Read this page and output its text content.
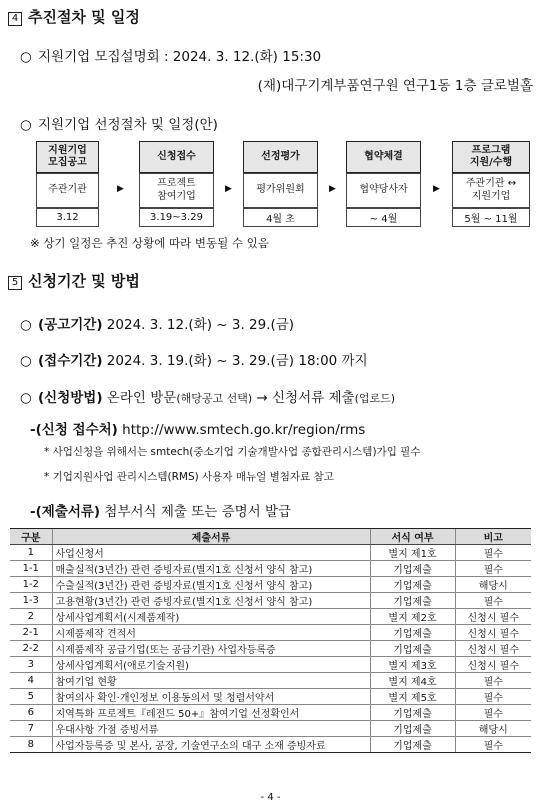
4 추진절차 및 일정
○ 지원기업 모집설명회 : 2024. 3. 12.(화) 15:30
(재)대구기계부품연구원 연구1동 1층 글로벌홀
○ 지원기업 선정절차 및 일정(안)
지원기업
모집공고
주관기관
3.12
▶
신청접수
프로젝트
참여기업
3.19~3.29
▶
선정평가
평가위원회
4월 초
▶
협약체결
협약당사자
~ 4월
▶
프로그램
지원/수행
주관기관 ↔
지원기업
5월 ~ 11월
※ 상기 일정은 추진 상황에 따라 변동될 수 있음
5 신청기간 및 방법
○ (공고기간) 2024. 3. 12.(화) ~ 3. 29.(금)
○ (접수기간) 2024. 3. 19.(화) ~ 3. 29.(금) 18:00 까지
○ (신청방법) 온라인 방문(해당공고 선택) → 신청서류 제출(업로드)
-(신청 접수처) http://www.smtech.go.kr/region/rms
* 사업신청을 위해서는 smtech(중소기업 기술개발사업 종합관리시스템)가입 필수
* 기업지원사업 관리시스템(RMS) 사용자 매뉴얼 별첨자료 참고
-(제출서류) 첨부서식 제출 또는 증명서 발급
구분	제출서류	서식 여부	비고
1	사업신청서	별지 제1호	필수
1-1	매출실적(3년간) 관련 증빙자료(별지1호 신청서 양식 참고)	기업제출	필수
1-2	수출실적(3년간) 관련 증빙자료(별지1호 신청서 양식 참고)	기업제출	해당시
1-3	고용현황(3년간) 관련 증빙자료(별지1호 신청서 양식 참고)	기업제출	필수
2	상세사업계획서(시제품제작)	별지 제2호	신청시 필수
2-1	시제품제작 견적서	기업제출	신청시 필수
2-2	시제품제작 공급기업(또는 공급기관) 사업자등록증	기업제출	신청시 필수
3	상세사업계획서(애로기술지원)	별지 제3호	신청시 필수
4	참여기업 현황	별지 제4호	필수
5	참여의사 확인·개인정보 이용동의서 및 청렴서약서	별지 제5호	필수
6	지역특화 프로젝트『레전드 50+』참여기업 선정확인서	기업제출	필수
7	우대사항 가점 증빙서류	기업제출	해당시
8	사업자등록증 및 본사, 공장, 기술연구소의 대구 소재 증빙자료	기업제출	필수
- 4 -
